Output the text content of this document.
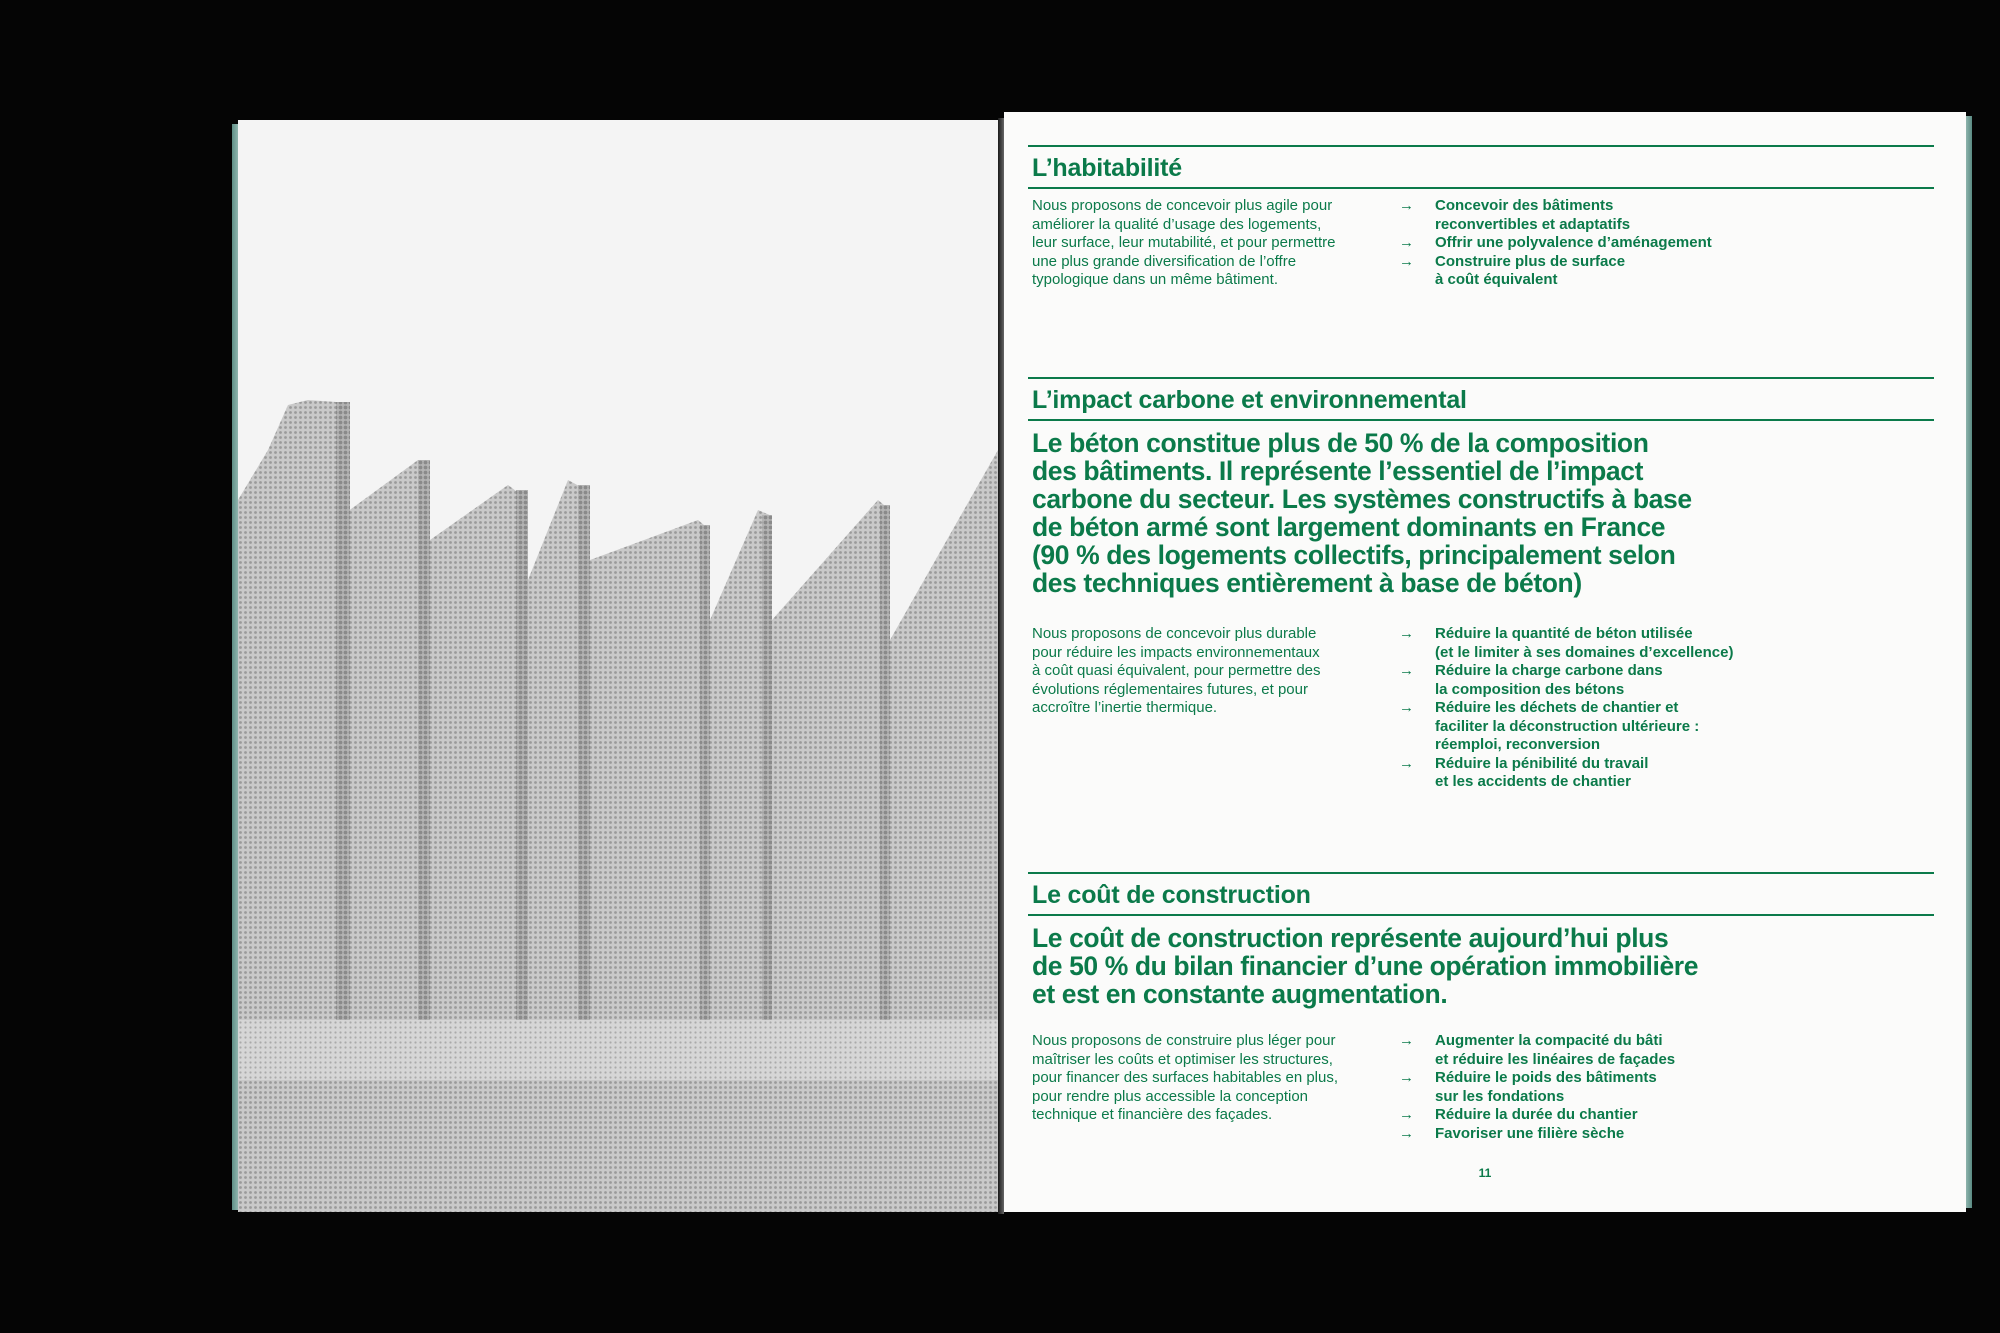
L’habitabilité
Nous proposons de concevoir plus agile pour
améliorer la qualité d’usage des logements,
leur surface, leur mutabilité, et pour permettre
une plus grande diversification de l’offre
typologique dans un même bâtiment.
→ Concevoir des bâtiments
reconvertibles et adaptatifs
→ Offrir une polyvalence d’aménagement
→ Construire plus de surface
à coût équivalent
L’impact carbone et environnemental
Le béton constitue plus de 50 % de la composition
des bâtiments. Il représente l’essentiel de l’impact
carbone du secteur. Les systèmes constructifs à base
de béton armé sont largement dominants en France
(90 % des logements collectifs, principalement selon
des techniques entièrement à base de béton)
Nous proposons de concevoir plus durable
pour réduire les impacts environnementaux
à coût quasi équivalent, pour permettre des
évolutions réglementaires futures, et pour
accroître l’inertie thermique.
→ Réduire la quantité de béton utilisée
(et le limiter à ses domaines d’excellence)
→ Réduire la charge carbone dans
la composition des bétons
→ Réduire les déchets de chantier et
faciliter la déconstruction ultérieure :
réemploi, reconversion
→ Réduire la pénibilité du travail
et les accidents de chantier
Le coût de construction
Le coût de construction représente aujourd’hui plus
de 50 % du bilan financier d’une opération immobilière
et est en constante augmentation.
Nous proposons de construire plus léger pour
maîtriser les coûts et optimiser les structures,
pour financer des surfaces habitables en plus,
pour rendre plus accessible la conception
technique et financière des façades.
→ Augmenter la compacité du bâti
et réduire les linéaires de façades
→ Réduire le poids des bâtiments
sur les fondations
→ Réduire la durée du chantier
→ Favoriser une filière sèche
11
